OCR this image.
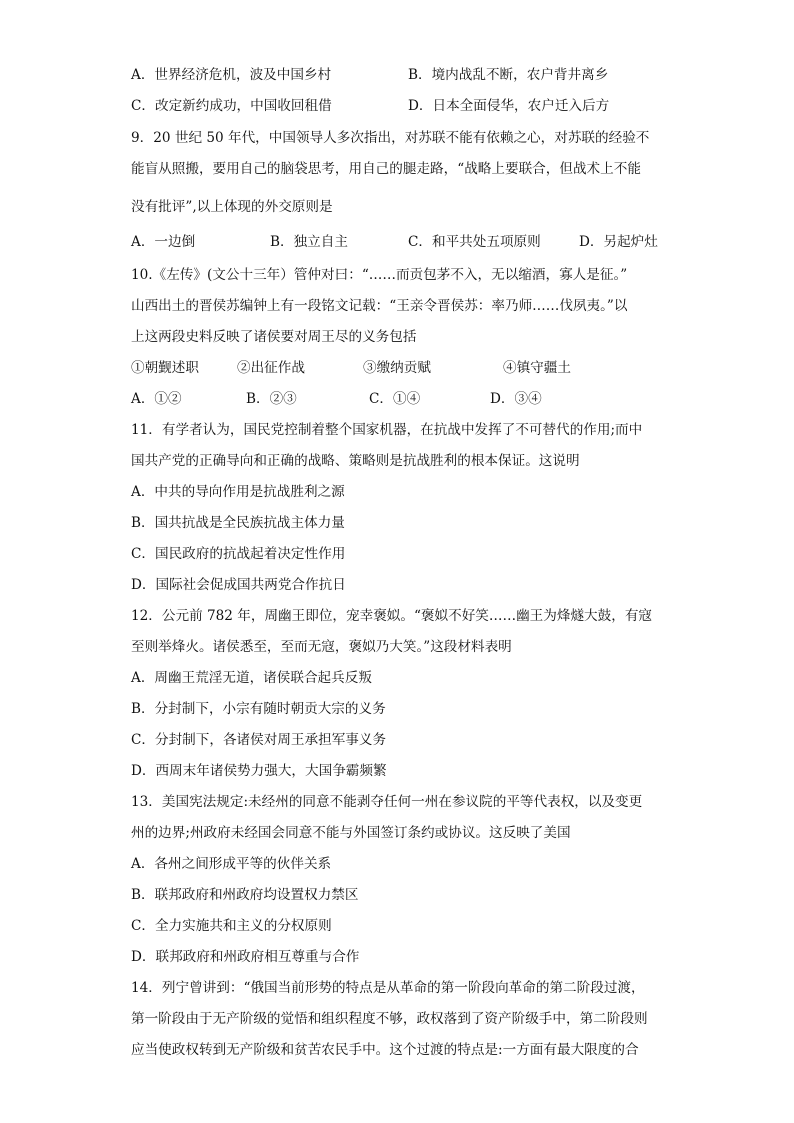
A．世界经济危机，波及中国乡村	B．境内战乱不断，农户背井离乡
C．改定新约成功，中国收回租借	D．日本全面侵华，农户迁入后方
9．20 世纪 50 年代，中国领导人多次指出，对苏联不能有依赖之心，对苏联的经验不
能盲从照搬，要用自己的脑袋思考，用自己的腿走路，“战略上要联合，但战术上不能
没有批评”,以上体现的外交原则是
A．一边倒	B．独立自主	C．和平共处五项原则	D．另起炉灶
10.《左传》(文公十三年）管仲对曰：“……而贡包茅不入，无以缩酒，寡人是征。”
山西出土的晋侯苏编钟上有一段铭文记载：“王亲令晋侯苏：率乃师……伐夙夷。”以
上这两段史料反映了诸侯要对周王尽的义务包括
①朝觐述职	②出征作战	③缴纳贡赋	④镇守疆土
A．①②	B．②③	C．①④	D．③④
11．有学者认为，国民党控制着整个国家机器，在抗战中发挥了不可替代的作用;而中
国共产党的正确导向和正确的战略、策略则是抗战胜利的根本保证。这说明
A．中共的导向作用是抗战胜利之源
B．国共抗战是全民族抗战主体力量
C．国民政府的抗战起着决定性作用
D．国际社会促成国共两党合作抗日
12．公元前 782 年，周幽王即位，宠幸褒姒。“褒姒不好笑……幽王为烽燧大鼓，有寇
至则举烽火。诸侯悉至，至而无寇，褒姒乃大笑。”这段材料表明
A．周幽王荒淫无道，诸侯联合起兵反叛
B．分封制下，小宗有随时朝贡大宗的义务
C．分封制下，各诸侯对周王承担军事义务
D．西周末年诸侯势力强大，大国争霸频繁
13．美国宪法规定:未经州的同意不能剥夺任何一州在参议院的平等代表权，以及变更
州的边界;州政府未经国会同意不能与外国签订条约或协议。这反映了美国
A．各州之间形成平等的伙伴关系
B．联邦政府和州政府均设置权力禁区
C．全力实施共和主义的分权原则
D．联邦政府和州政府相互尊重与合作
14．列宁曾讲到：“俄国当前形势的特点是从革命的第一阶段向革命的第二阶段过渡，
第一阶段由于无产阶级的觉悟和组织程度不够，政权落到了资产阶级手中，第二阶段则
应当使政权转到无产阶级和贫苦农民手中。这个过渡的特点是:一方面有最大限度的合
